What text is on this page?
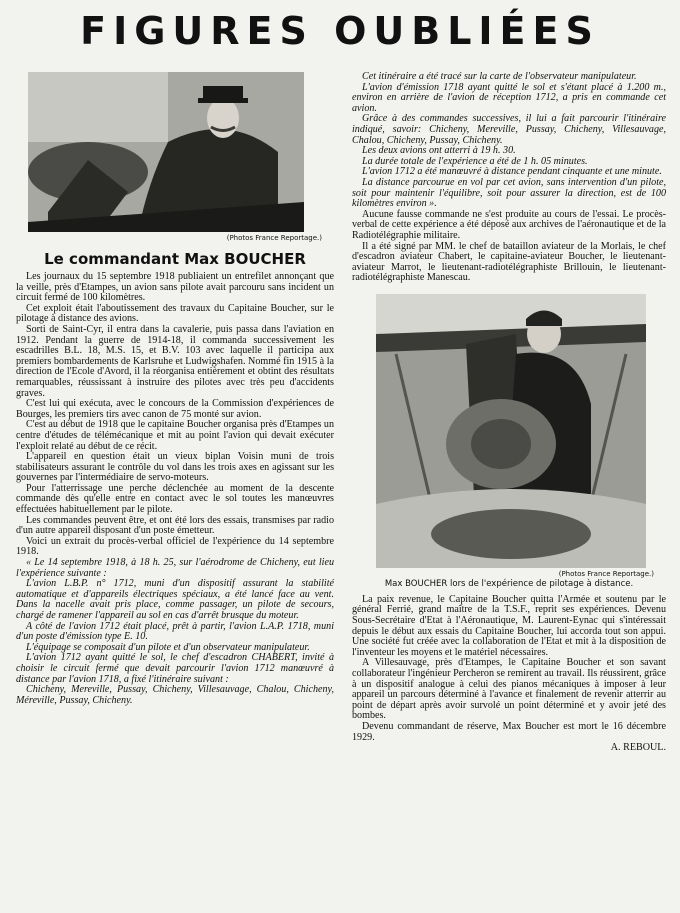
FIGURES OUBLIÉES
(Photos France Reportage.)
Le commandant Max BOUCHER

Les journaux du 15 septembre 1918 publiaient un entrefilet annonçant que la veille, près d'Etampes, un avion sans pilote avait parcouru sans incident un circuit fermé de 100 kilomètres.

Cet exploit était l'aboutissement des travaux du Capitaine Boucher, sur le pilotage à distance des avions.

Sorti de Saint-Cyr, il entra dans la cavalerie, puis passa dans l'aviation en 1912. Pendant la guerre de 1914-18, il commanda successivement les escadrilles B.L. 18, M.S. 15, et B.V. 103 avec laquelle il participa aux premiers bombardements de Karlsruhe et Ludwigshafen. Nommé fin 1915 à la direction de l'Ecole d'Avord, il la réorganisa entièrement et obtint des résultats remarquables, réussissant à instruire des pilotes avec très peu d'accidents graves.

C'est lui qui exécuta, avec le concours de la Commission d'expériences de Bourges, les premiers tirs avec canon de 75 monté sur avion.

C'est au début de 1918 que le capitaine Boucher organisa près d'Etampes un centre d'études de télémécanique et mit au point l'avion qui devait exécuter l'exploit relaté au début de ce récit.

L'appareil en question était un vieux biplan Voisin muni de trois stabilisateurs assurant le contrôle du vol dans les trois axes en agissant sur les gouvernes par l'intermédiaire de servo-moteurs.

Pour l'atterrissage une perche déclenchée au moment de la descente commande dès qu'elle entre en contact avec le sol toutes les manœuvres effectuées habituellement par le pilote.

Les commandes peuvent être, et ont été lors des essais, transmises par radio d'un autre appareil disposant d'un poste émetteur.

Voici un extrait du procès-verbal officiel de l'expérience du 14 septembre 1918.

« Le 14 septembre 1918, à 18 h. 25, sur l'aérodrome de Chicheny, eut lieu l'expérience suivante :

L'avion L.B.P. n° 1712, muni d'un dispositif assurant la stabilité automatique et d'appareils électriques spéciaux, a été lancé face au vent. Dans la nacelle avait pris place, comme passager, un pilote de secours, chargé de ramener l'appareil au sol en cas d'arrêt brusque du moteur.

A côté de l'avion 1712 était placé, prêt à partir, l'avion L.A.P. 1718, muni d'un poste d'émission type E. 10.

L'équipage se composait d'un pilote et d'un observateur manipulateur.

L'avion 1712 ayant quitté le sol, le chef d'escadron CHABERT, invité à choisir le circuit fermé que devait parcourir l'avion 1712 manœuvré à distance par l'avion 1718, a fixé l'itinéraire suivant :

Chicheny, Mereville, Pussay, Chicheny, Villesauvage, Chalou, Chicheny, Méreville, Pussay, Chicheny.

Cet itinéraire a été tracé sur la carte de l'observateur manipulateur.

L'avion d'émission 1718 ayant quitté le sol et s'étant placé à 1.200 m., environ en arrière de l'avion de réception 1712, a pris en commande cet avion.

Grâce à des commandes successives, il lui a fait parcourir l'itinéraire indiqué, savoir: Chicheny, Mereville, Pussay, Chicheny, Villesauvage, Chalou, Chicheny, Pussay, Chicheny.

Les deux avions ont atterri à 19 h. 30.

La durée totale de l'expérience a été de 1 h. 05 minutes.

L'avion 1712 a été manœuvré à distance pendant cinquante et une minute.

La distance parcourue en vol par cet avion, sans intervention d'un pilote, soit pour maintenir l'équilibre, soit pour assurer la direction, est de 100 kilomètres environ ».

Aucune fausse commande ne s'est produite au cours de l'essai. Le procès-verbal de cette expérience a été déposé aux archives de l'aéronautique et de la Radiotélégraphie militaire.

Il a été signé par MM. le chef de bataillon aviateur de la Morlais, le chef d'escadron aviateur Chabert, le capitaine-aviateur Boucher, le lieutenant-aviateur Marrot, le lieutenant-radiotélégraphiste Brillouin, le lieutenant-radiotélégraphiste Manescau.

(Photos France Reportage.)
Max BOUCHER lors de l'expérience de pilotage à distance.

La paix revenue, le Capitaine Boucher quitta l'Armée et soutenu par le général Ferrié, grand maître de la T.S.F., reprit ses expériences. Devenu Sous-Secrétaire d'Etat à l'Aéronautique, M. Laurent-Eynac qui s'intéressait depuis le début aux essais du Capitaine Boucher, lui accorda tout son appui. Une société fut créée avec la collaboration de l'Etat et mit à la disposition de l'inventeur les moyens et le matériel nécessaires.

A Villesauvage, près d'Etampes, le Capitaine Boucher et son savant collaborateur l'ingénieur Percheron se remirent au travail. Ils réussirent, grâce à un dispositif analogue à celui des pianos mécaniques à imposer à leur appareil un parcours déterminé à l'avance et finalement de revenir atterrir au point de départ après avoir survolé un point déterminé et y avoir jeté des bombes.

Devenu commandant de réserve, Max Boucher est mort le 16 décembre 1929.

A. REBOUL.
